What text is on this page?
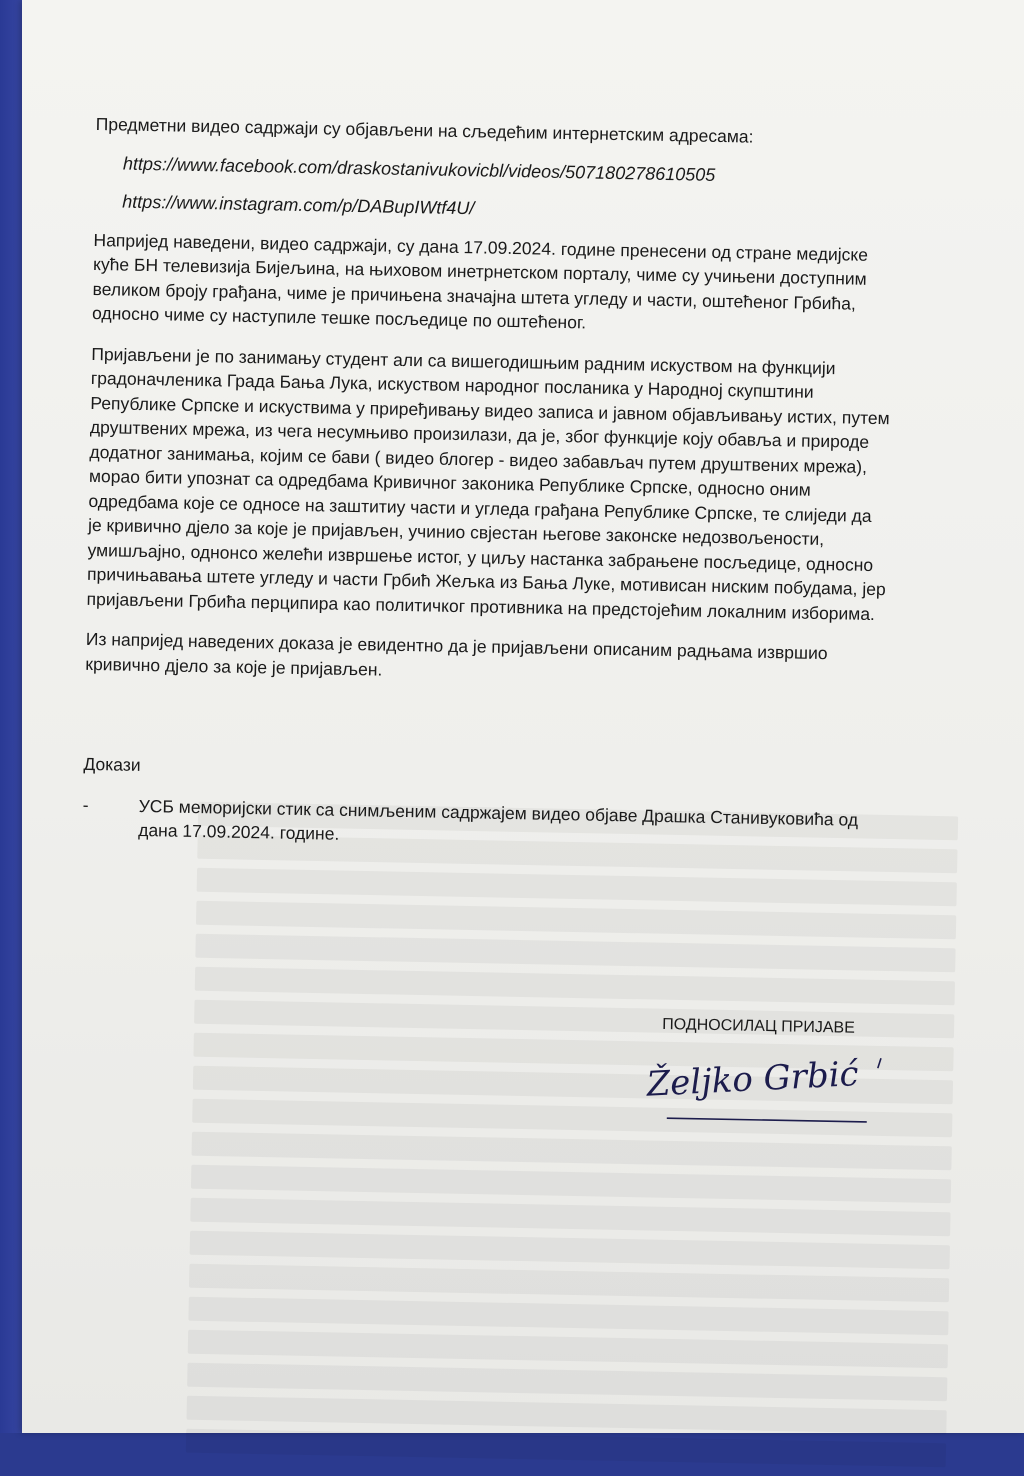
Предметни видео садржаји су објављени на сљедећим интернетским адресама:

https://www.facebook.com/draskostanivukovicbl/videos/507180278610505

https://www.instagram.com/p/DABupIWtf4U/

Напријед наведени, видео садржаји, су дана 17.09.2024. године пренесени од стране медијске куће БН телевизија Бијељина, на њиховом инетрнетском порталу, чиме су учињени доступним великом броју грађана, чиме је причињена значајна штета угледу и части, оштећеног Грбића, односно чиме су наступиле тешке посљедице по оштећеног.

Пријављени је по занимању студент али са вишегодишњим радним искуством на функцији градоначленика Града Бања Лука, искуством народног посланика у Народној скупштини Републике Српске и искуствима у приређивању видео записа и јавном објављивању истих, путем друштвених мрежа, из чега несумњиво произилази, да је, због функције коју обавља и природе додатног занимања, којим се бави ( видео блогер - видео забављач путем друштвених мрежа), морао бити упознат са одредбама Кривичног законика Републике Српске, односно оним одредбама које се односе на заштитиу части и угледа грађана Републике Српске, те слиједи да је кривично дјело за које је пријављен, учинио свјестан његове законске недозвољености, умишљајно, однонсо желећи извршење истог, у циљу настанка забрањене посљедице, односно причињавања штете угледу и части Грбић Жељка из Бања Луке, мотивисан ниским побудама, јер пријављени Грбића перципира као политичког противника на предстојећим локалним изборима.

Из напријед наведених доказа је евидентно да је пријављени описаним радњама извршио кривично дјело за које је пријављен.

Докази

-	УСБ меморијски стик са снимљеним садржајем видео објаве Драшка Станивуковића од дана 17.09.2024. године.
ПОДНОСИЛАЦ ПРИЈАВЕ
Željko Grbić
